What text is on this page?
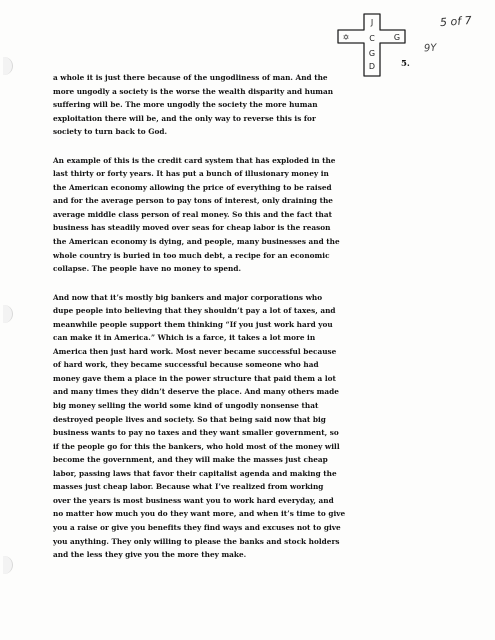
J
✡	G
C
G
D
5 of 7
9Y
5.

a whole it is just there because of the ungodliness of man. And the
more ungodly a society is the worse the wealth disparity and human
suffering will be. The more ungodly the society the more human
exploitation there will be, and the only way to reverse this is for
society to turn back to God.

An example of this is the credit card system that has exploded in the
last thirty or forty years. It has put a bunch of illusionary money in
the American economy allowing the price of everything to be raised
and for the average person to pay tons of interest, only draining the
average middle class person of real money. So this and the fact that
business has steadily moved over seas for cheap labor is the reason
the American economy is dying, and people, many businesses and the
whole country is buried in too much debt, a recipe for an economic
collapse. The people have no money to spend.

And now that it’s mostly big bankers and major corporations who
dupe people into believing that they shouldn’t pay a lot of taxes, and
meanwhile people support them thinking “If you just work hard you
can make it in America.” Which is a farce, it takes a lot more in
America then just hard work. Most never became successful because
of hard work, they became successful because someone who had
money gave them a place in the power structure that paid them a lot
and many times they didn’t deserve the place. And many others made
big money selling the world some kind of ungodly nonsense that
destroyed people lives and society. So that being said now that big
business wants to pay no taxes and they want smaller government, so
if the people go for this the bankers, who hold most of the money will
become the government, and they will make the masses just cheap
labor, passing laws that favor their capitalist agenda and making the
masses just cheap labor. Because what I’ve realized from working
over the years is most business want you to work hard everyday, and
no matter how much you do they want more, and when it’s time to give
you a raise or give you benefits they find ways and excuses not to give
you anything. They only willing to please the banks and stock holders
and the less they give you the more they make.
